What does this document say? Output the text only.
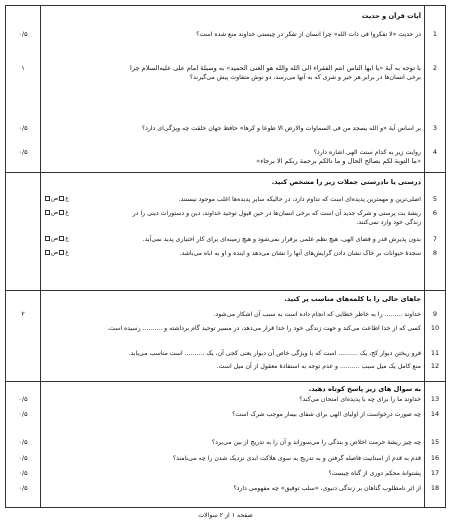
آیات قرآن و حدیث
درستی یا نادرستی جملات زیر را مشخص کنید.
جاهای خالی را با کلمه‌های مناسب پر کنید.
به سوال های زیر پاسخ کوتاه دهید.
1
۰/۵	در حدیث «لا تفکروا فی ذات الله» چرا انسان از تفکر در چیستی خداوند منع شده است؟
2
۱	با توجه به آیهٔ «یا ایها الناس انتم الفقراء الی الله والله هو الغنی الحمید» به وسیلهٔ امام علی علیه‌السلام چرا
برخی انسان‌ها در برابر هر خیر و شری که به آنها می‌رسد، دو نوش متفاوت پیش می‌گیرند؟
3
۰/۵	بر اساس آیهٔ «و الله یسجد من فی السماوات والارض الا طوعا و کرها» حافظ جهان خلقت چه ویژگی‌ای دارد؟
4
۰/۵	روایت زیر به کدام سنت الهی اشاره دارد؟
«ما التوبة لکم بصالح الحال و ما نالکم برحمة ربکم الا برجاء»
5
اصلی‌ترین و مهمترین پدیده‌ای است که تداوم دارد، در حالیکه سایر پدیده‌ها اغلب موجود نیستند.
غص
6
ریشهٔ بت پرستی و شرک جدید آن است که برخی انسان‌ها در حین قبول توحید خداوند، دین و دستورات دینی را در
زندگی خود وارد نمی‌کنند.
غص
7
بدون پذیرش قدر و قضای الهی، هیچ نظم علمی برقرار نمی‌شود و هیچ زمینه‌ای برای کار اختیاری پدید نمی‌آید.
غص
8
سجدهٔ حیوانات بر خاک نشان دادن گرایش‌های آنها را نشان می‌دهد و اینده و او به اباه می‌باشد.
غص
9
۲	خداوند ......... را به خاطر خطایی که انجام داده است به سبب آن اشکار می‌شود.
10
کسی که از خدا اطاعت می‌کند و جهت زندگی خود را خدا قرار می‌دهد، در مسیر توحید گام برداشته و .......... رسیده است.
11
فرو ریختن دیوار کج، یک .......... است که با ویژگی خاص آن دیوار یعنی کجی آن، یک .......... است مناسب می‌یابد.
12
منع کامل یک میل سبب .......... و عدم توجه به استفادهٔ معقول از آن میل است.
13
۰/۵	خداوند ما را برای چه با پدیده‌ای امتحان می‌کند؟
14
۰/۵	چه صورت درخواست از اولیای الهی برای شفای بیمار موجب شرک است؟
15
۰/۵	چه چیز ریشهٔ حرمت اخلاص و بندگی را می‌سوزاند و آن را به تدریج از بین می‌برد؟
16
۰/۵	قدم به قدم از استانیت فاصله گرفتن و به تدریج به سوی هلاکت ابدی نزدیک شدن را چه می‌نامند؟
17
۰/۵	پشتوانهٔ محکم دوری از گناه چیست؟
18
۰/۵	از اثر نامطلوب گناهان بر زندگی دنیوی، «سلب توفیق» چه مفهومی دارد؟
صفحه ۱ از ۲ سوالات
